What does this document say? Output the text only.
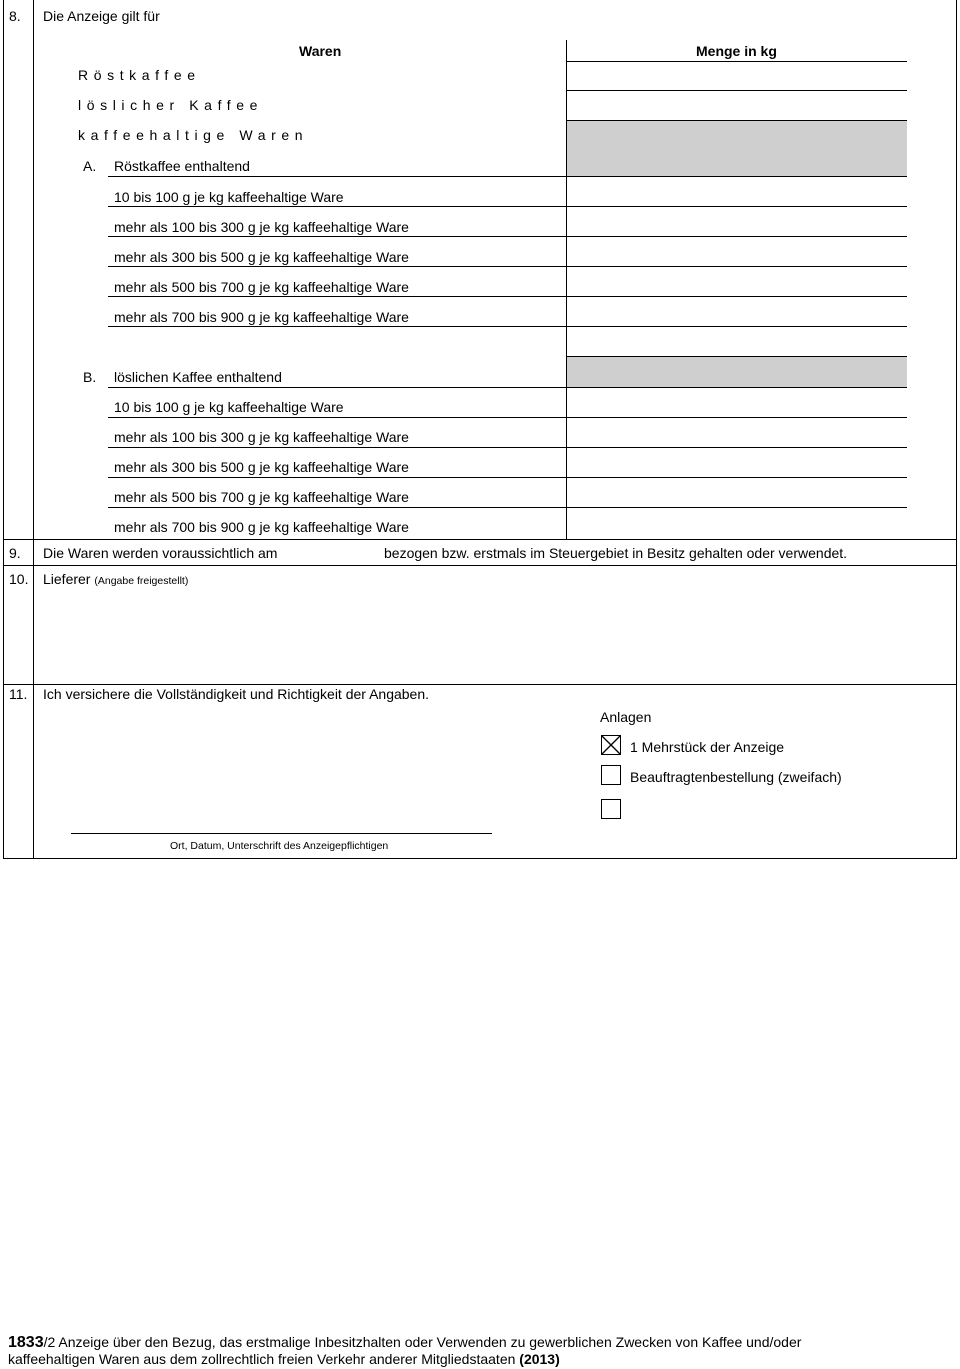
8. Die Anzeige gilt für
Waren	Menge in kg
Röstkaffee
löslicher Kaffee
kaffeehaltige Waren
A. Röstkaffee enthaltend
10 bis 100 g je kg kaffeehaltige Ware
mehr als 100 bis 300 g je kg kaffeehaltige Ware
mehr als 300 bis 500 g je kg kaffeehaltige Ware
mehr als 500 bis 700 g je kg kaffeehaltige Ware
mehr als 700 bis 900 g je kg kaffeehaltige Ware
B. löslichen Kaffee enthaltend
10 bis 100 g je kg kaffeehaltige Ware
mehr als 100 bis 300 g je kg kaffeehaltige Ware
mehr als 300 bis 500 g je kg kaffeehaltige Ware
mehr als 500 bis 700 g je kg kaffeehaltige Ware
mehr als 700 bis 900 g je kg kaffeehaltige Ware
9. Die Waren werden voraussichtlich am	bezogen bzw. erstmals im Steuergebiet in Besitz gehalten oder verwendet.
10. Lieferer (Angabe freigestellt)
11. Ich versichere die Vollständigkeit und Richtigkeit der Angaben.
Anlagen
1 Mehrstück der Anzeige
Beauftragtenbestellung (zweifach)
Ort, Datum, Unterschrift des Anzeigepflichtigen
1833/2 Anzeige über den Bezug, das erstmalige Inbesitzhalten oder Verwenden zu gewerblichen Zwecken von Kaffee und/oder
kaffeehaltigen Waren aus dem zollrechtlich freien Verkehr anderer Mitgliedstaaten (2013)
